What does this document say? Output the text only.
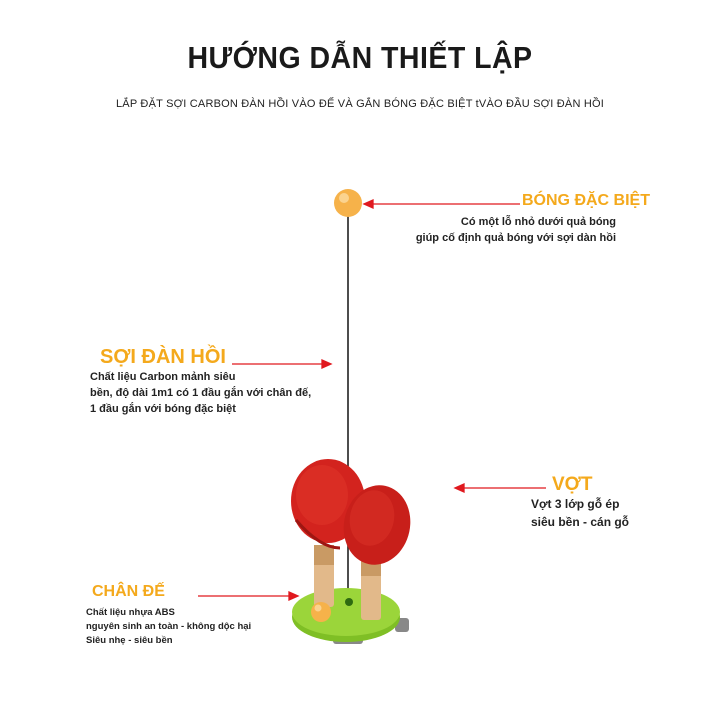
HƯỚNG DẪN THIẾT LẬP
LẮP ĐẶT SỢI CARBON ĐÀN HỒI VÀO ĐẾ VÀ GẮN BÓNG ĐẶC BIỆT tVÀO ĐẦU SỢI ĐÀN HỒI
BÓNG ĐẶC BIỆT
Có một lỗ nhỏ dưới quả bóng
giúp cố định quả bóng với sợi dàn hồi
SỢI ĐÀN HỒI
Chất liệu Carbon mảnh siêu
bền, độ dài 1m1 có 1 đầu gắn với chân đế,
1 đầu gắn với bóng đặc biệt
VỢT
Vợt 3 lớp gỗ ép
siêu bền - cán gỗ
CHÂN ĐẾ
Chất liệu nhựa ABS
nguyên sinh an toàn - không dộc hại
Siêu nhẹ - siêu bền
